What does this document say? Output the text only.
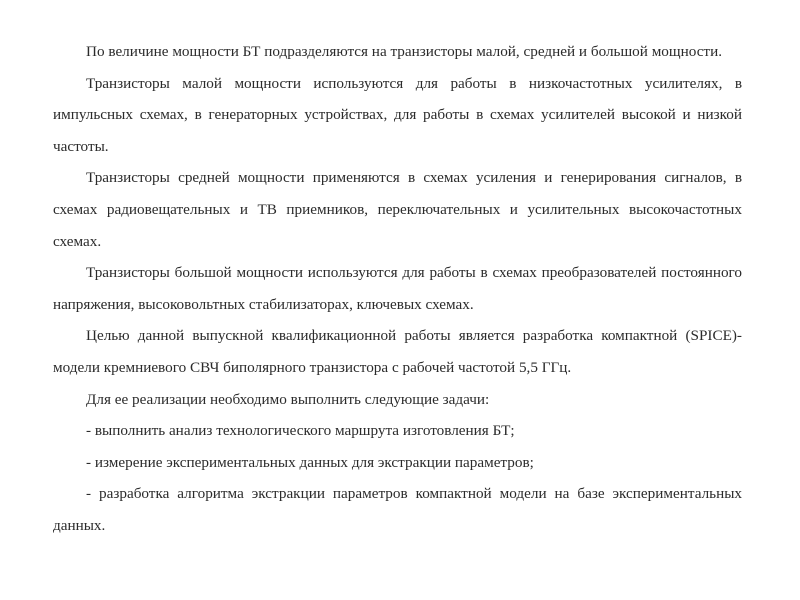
По величине мощности БТ подразделяются на транзисторы малой, средней и большой мощности.

Транзисторы малой мощности используются для работы в низкочастотных усилителях, в импульсных схемах, в генераторных устройствах, для работы в схемах усилителей высокой и низкой частоты.

Транзисторы средней мощности применяются в схемах усиления и генерирования сигналов, в схемах радиовещательных и ТВ приемников, переключательных и усилительных высокочастотных схемах.

Транзисторы большой мощности используются для работы в схемах преобразователей постоянного напряжения, высоковольтных стабилизаторах, ключевых схемах.

Целью данной выпускной квалификационной работы является разработка компактной (SPICE)-модели кремниевого СВЧ биполярного транзистора с рабочей частотой 5,5 ГГц.

Для ее реализации необходимо выполнить следующие задачи:

- выполнить анализ технологического маршрута изготовления БТ;

- измерение экспериментальных данных для экстракции параметров;

- разработка алгоритма экстракции параметров компактной модели на базе экспериментальных данных.
